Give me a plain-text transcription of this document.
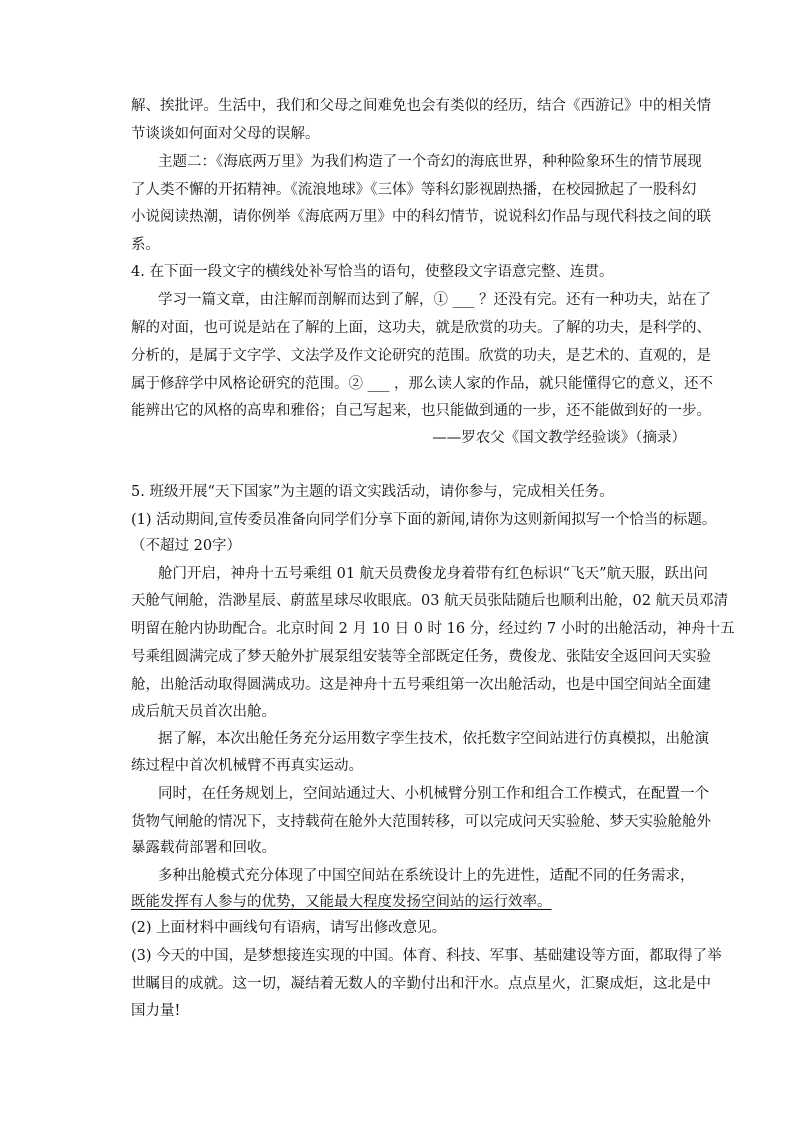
解、挨批评。生活中，我们和父母之间难免也会有类似的经历，结合《西游记》中的相关情
节谈谈如何面对父母的误解。
主题二：《海底两万里》为我们构造了一个奇幻的海底世界，种种险象环生的情节展现
了人类不懈的开拓精神。《流浪地球》《三体》等科幻影视剧热播，在校园掀起了一股科幻
小说阅读热潮，请你例举《海底两万里》中的科幻情节，说说科幻作品与现代科技之间的联
系。
4. 在下面一段文字的横线处补写恰当的语句，使整段文字语意完整、连贯。
学习一篇文章，由注解而剖解而达到了解，① ___ ？还没有完。还有一种功夫，站在了
解的对面，也可说是站在了解的上面，这功夫，就是欣赏的功夫。了解的功夫，是科学的、
分析的，是属于文字学、文法学及作文论研究的范围。欣赏的功夫，是艺术的、直观的，是
属于修辞学中风格论研究的范围。② ___ ，那么读人家的作品，就只能懂得它的意义，还不
能辨出它的风格的高卑和雅俗；自己写起来，也只能做到通的一步，还不能做到好的一步。
——罗农父《国文教学经验谈》（摘录）
5. 班级开展“天下国家”为主题的语文实践活动，请你参与，完成相关任务。
(1) 活动期间,宣传委员准备向同学们分享下面的新闻,请你为这则新闻拟写一个恰当的标题。
（不超过 20字）
舱门开启，神舟十五号乘组 01 航天员费俊龙身着带有红色标识“飞天”航天服，跃出问
天舱气闸舱，浩渺星辰、蔚蓝星球尽收眼底。03 航天员张陆随后也顺利出舱，02 航天员邓清
明留在舱内协助配合。北京时间 2 月 10 日 0 时 16 分，经过约 7 小时的出舱活动，神舟十五
号乘组圆满完成了梦天舱外扩展泵组安装等全部既定任务，费俊龙、张陆安全返回问天实验
舱，出舱活动取得圆满成功。这是神舟十五号乘组第一次出舱活动，也是中国空间站全面建
成后航天员首次出舱。
据了解，本次出舱任务充分运用数字孪生技术，依托数字空间站进行仿真模拟，出舱演
练过程中首次机械臂不再真实运动。
同时，在任务规划上，空间站通过大、小机械臂分别工作和组合工作模式，在配置一个
货物气闸舱的情况下，支持载荷在舱外大范围转移，可以完成问天实验舱、梦天实验舱舱外
暴露载荷部署和回收。
多种出舱模式充分体现了中国空间站在系统设计上的先进性，适配不同的任务需求，
既能发挥有人参与的优势，又能最大程度发扬空间站的运行效率。
(2) 上面材料中画线句有语病，请写出修改意见。
(3) 今天的中国，是梦想接连实现的中国。体育、科技、军事、基础建设等方面，都取得了举
世瞩目的成就。这一切，凝结着无数人的辛勤付出和汗水。点点星火，汇聚成炬，这北是中
国力量!
